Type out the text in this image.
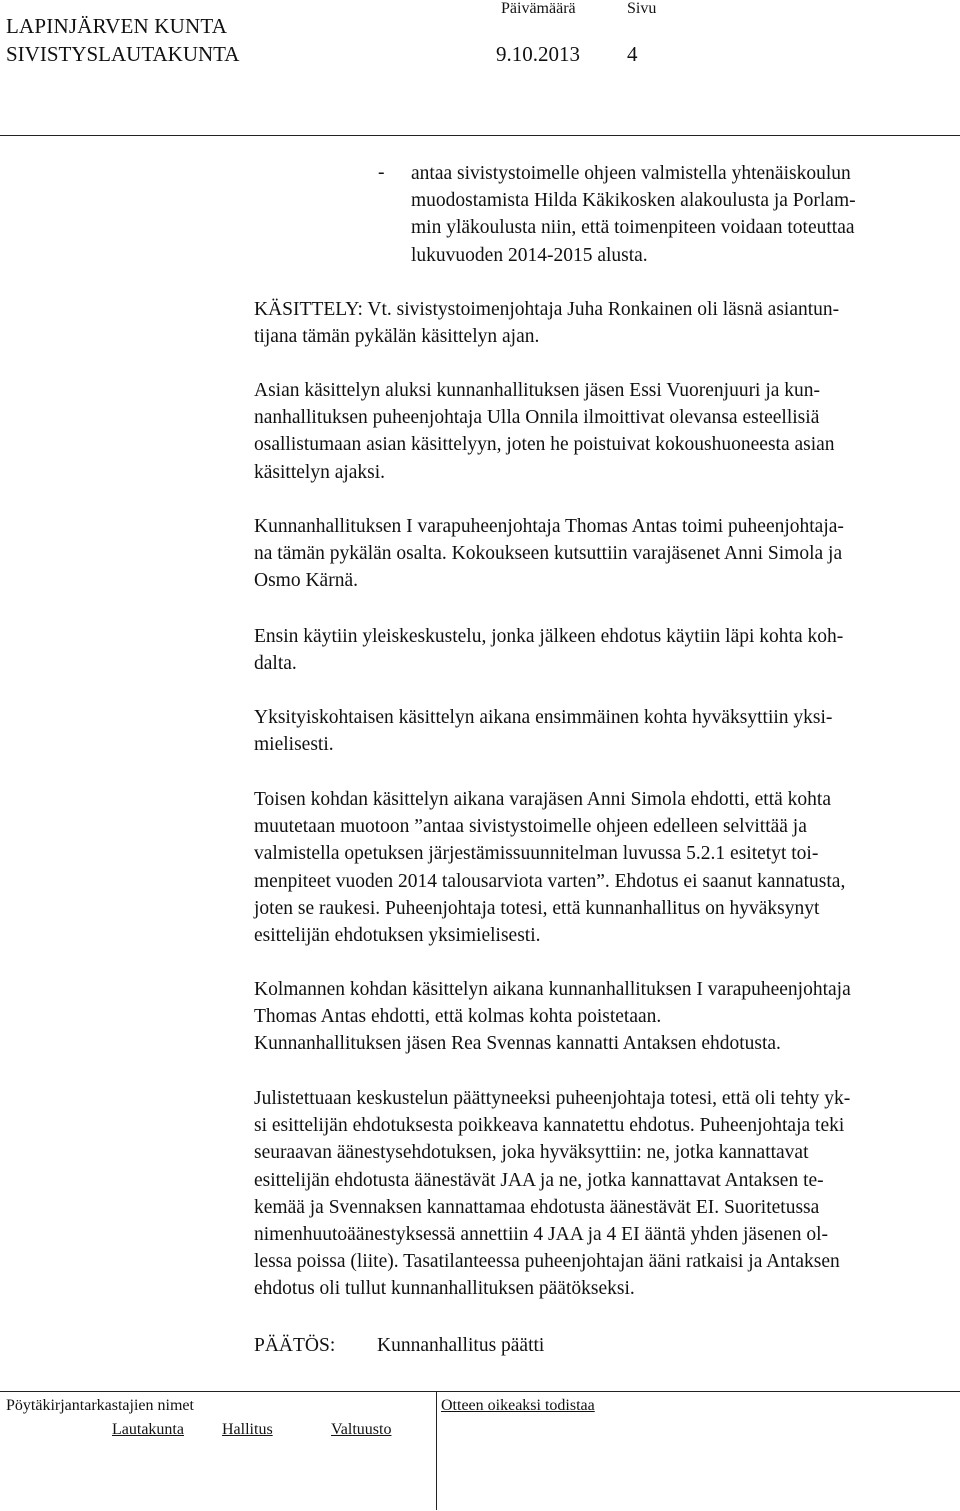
LAPINJÄRVEN KUNTA
Päivämäärä	Sivu
SIVISTYSLAUTAKUNTA	9.10.2013 4
- antaa sivistystoimelle ohjeen valmistella yhtenäiskoulun
muodostamista Hilda Käkikosken alakoulusta ja Porlam-
min yläkoulusta niin, että toimenpiteen voidaan toteuttaa
lukuvuoden 2014-2015 alusta.
KÄSITTELY: Vt. sivistystoimenjohtaja Juha Ronkainen oli läsnä asiantun-
tijana tämän pykälän käsittelyn ajan.
Asian käsittelyn aluksi kunnanhallituksen jäsen Essi Vuorenjuuri ja kun-
nanhallituksen puheenjohtaja Ulla Onnila ilmoittivat olevansa esteellisiä
osallistumaan asian käsittelyyn, joten he poistuivat kokoushuoneesta asian
käsittelyn ajaksi.
Kunnanhallituksen I varapuheenjohtaja Thomas Antas toimi puheenjohtaja-
na tämän pykälän osalta. Kokoukseen kutsuttiin varajäsenet Anni Simola ja
Osmo Kärnä.
Ensin käytiin yleiskeskustelu, jonka jälkeen ehdotus käytiin läpi kohta koh-
dalta.
Yksityiskohtaisen käsittelyn aikana ensimmäinen kohta hyväksyttiin yksi-
mielisesti.
Toisen kohdan käsittelyn aikana varajäsen Anni Simola ehdotti, että kohta
muutetaan muotoon ”antaa sivistystoimelle ohjeen edelleen selvittää ja
valmistella opetuksen järjestämissuunnitelman luvussa 5.2.1 esitetyt toi-
menpiteet vuoden 2014 talousarviota varten”. Ehdotus ei saanut kannatusta,
joten se raukesi. Puheenjohtaja totesi, että kunnanhallitus on hyväksynyt
esittelijän ehdotuksen yksimielisesti.
Kolmannen kohdan käsittelyn aikana kunnanhallituksen I varapuheenjohtaja
Thomas Antas ehdotti, että kolmas kohta poistetaan.
Kunnanhallituksen jäsen Rea Svennas kannatti Antaksen ehdotusta.
Julistettuaan keskustelun päättyneeksi puheenjohtaja totesi, että oli tehty yk-
si esittelijän ehdotuksesta poikkeava kannatettu ehdotus. Puheenjohtaja teki
seuraavan äänestysehdotuksen, joka hyväksyttiin: ne, jotka kannattavat
esittelijän ehdotusta äänestävät JAA ja ne, jotka kannattavat Antaksen te-
kemää ja Svennaksen kannattamaa ehdotusta äänestävät EI. Suoritetussa
nimenhuutoäänestyksessä annettiin 4 JAA ja 4 EI ääntä yhden jäsenen ol-
lessa poissa (liite). Tasatilanteessa puheenjohtajan ääni ratkaisi ja Antaksen
ehdotus oli tullut kunnanhallituksen päätökseksi.
PÄÄTÖS: Kunnanhallitus päätti
Pöytäkirjantarkastajien nimet	Otteen oikeaksi todistaa
Lautakunta Hallitus	Valtuusto
